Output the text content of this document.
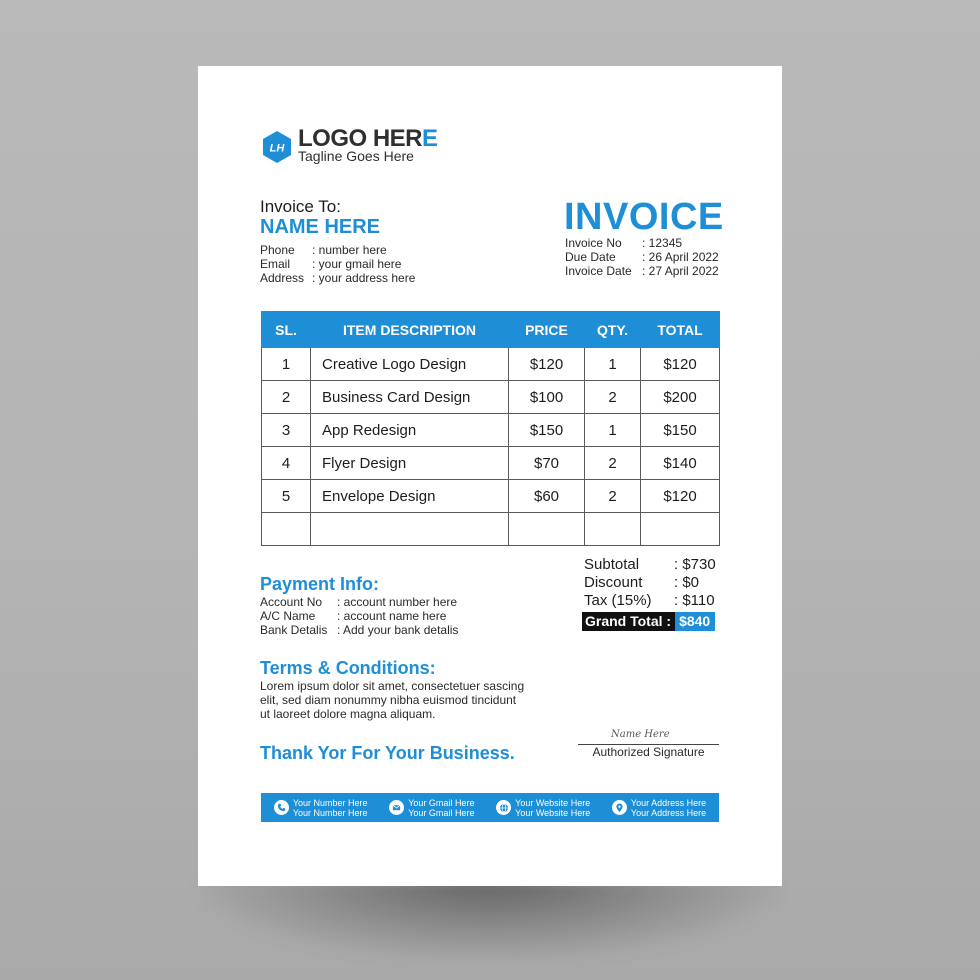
LH LOGO HERE
Tagline Goes Here
Invoice To:
NAME HERE
Phone : number here
Email : your gmail here
Address : your address here
INVOICE
Invoice No : 12345
Due Date : 26 April 2022
Invoice Date : 27 April 2022
SL.	ITEM DESCRIPTION	PRICE	QTY.	TOTAL
1	Creative Logo Design	$120	1	$120
2	Business Card Design	$100	2	$200
3	App Redesign	$150	1	$150
4	Flyer Design	$70	2	$140
5	Envelope Design	$60	2	$120

Subtotal : $730
Discount : $0
Tax (15%) : $110
Grand Total : $840
Payment Info:
Account No : account number here
A/C Name : account name here
Bank Detalis : Add your bank detalis
Terms & Conditions:
Lorem ipsum dolor sit amet, consectetuer sascing
elit, sed diam nonummy nibha euismod tincidunt
ut laoreet dolore magna aliquam.
Thank Yor For Your Business.
Name Here
Authorized Signature
Your Number Here
Your Number Here
Your Gmail Here
Your Gmail Here
Your Website Here
Your Website Here
Your Address Here
Your Address Here
